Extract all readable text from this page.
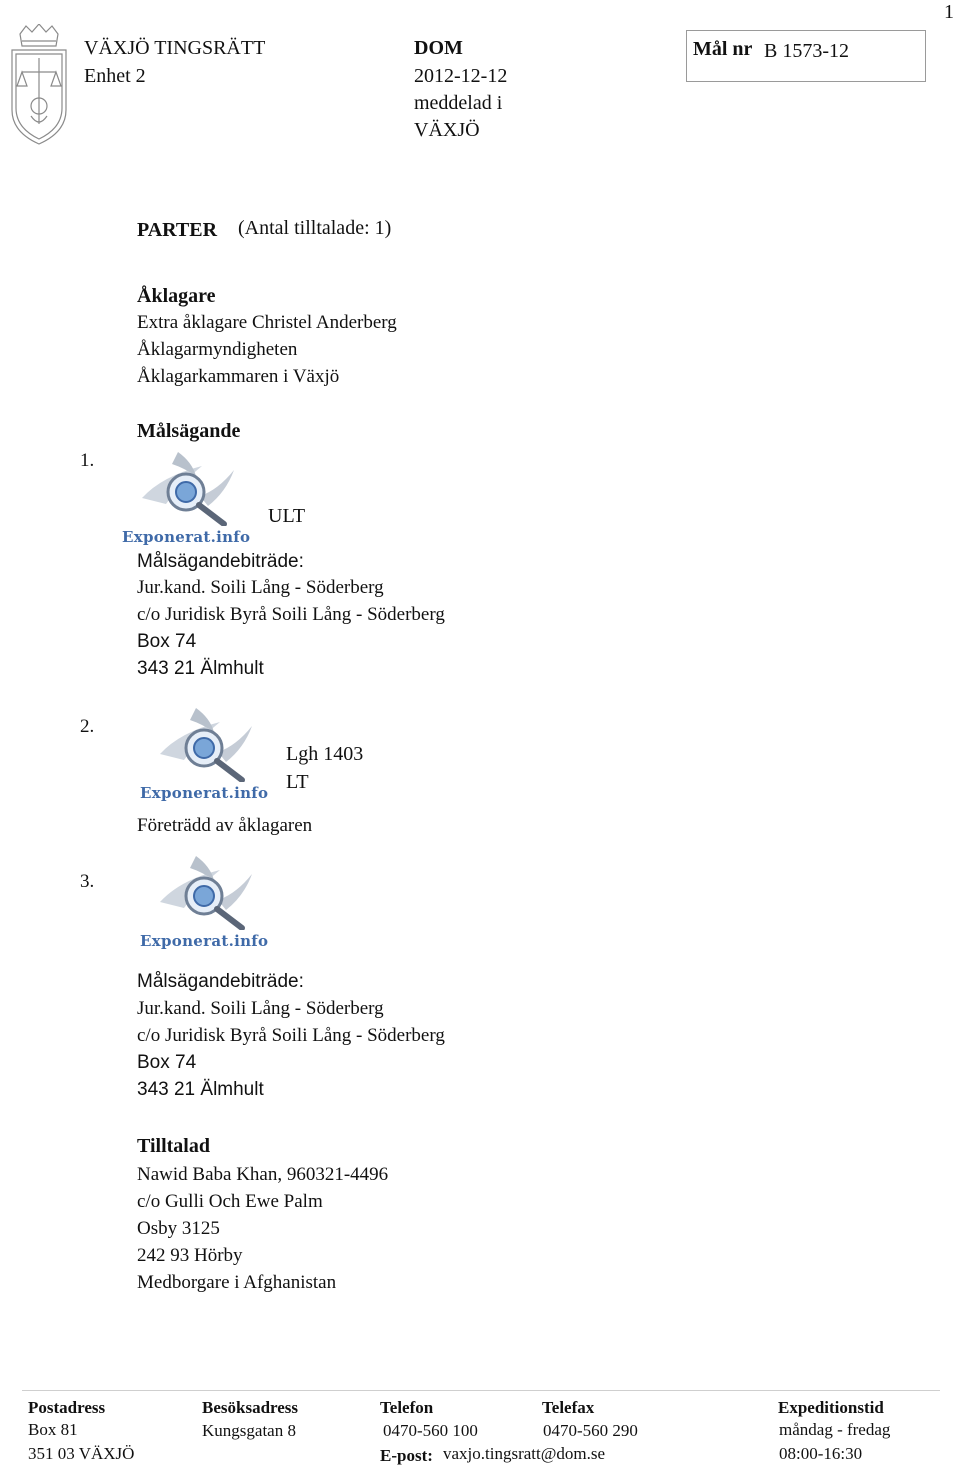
1
VÄXJÖ TINGSRÄTT
Enhet 2
DOM
2012-12-12
meddelad i
VÄXJÖ
Mål nr B 1573-12
PARTER (Antal tilltalade: 1)
Åklagare
Extra åklagare Christel Anderberg
Åklagarmyndigheten
Åklagarkammaren i Växjö
Målsägande
1.
Exponerat.info
ULT
Målsägandebiträde:
Jur.kand. Soili Lång - Söderberg
c/o Juridisk Byrå Soili Lång - Söderberg
Box 74
343 21 Älmhult
2.
Exponerat.info
Lgh 1403
LT
Företrädd av åklagaren
3.
Exponerat.info
Målsägandebiträde:
Jur.kand. Soili Lång - Söderberg
c/o Juridisk Byrå Soili Lång - Söderberg
Box 74
343 21 Älmhult
Tilltalad
Nawid Baba Khan, 960321-4496
c/o Gulli Och Ewe Palm
Osby 3125
242 93 Hörby
Medborgare i Afghanistan
Postadress
Box 81
351 03 VÄXJÖ
Besöksadress
Kungsgatan 8
Telefon
0470-560 100
E-post: vaxjo.tingsratt@dom.se
Telefax
0470-560 290
Expeditionstid
måndag - fredag
08:00-16:30
